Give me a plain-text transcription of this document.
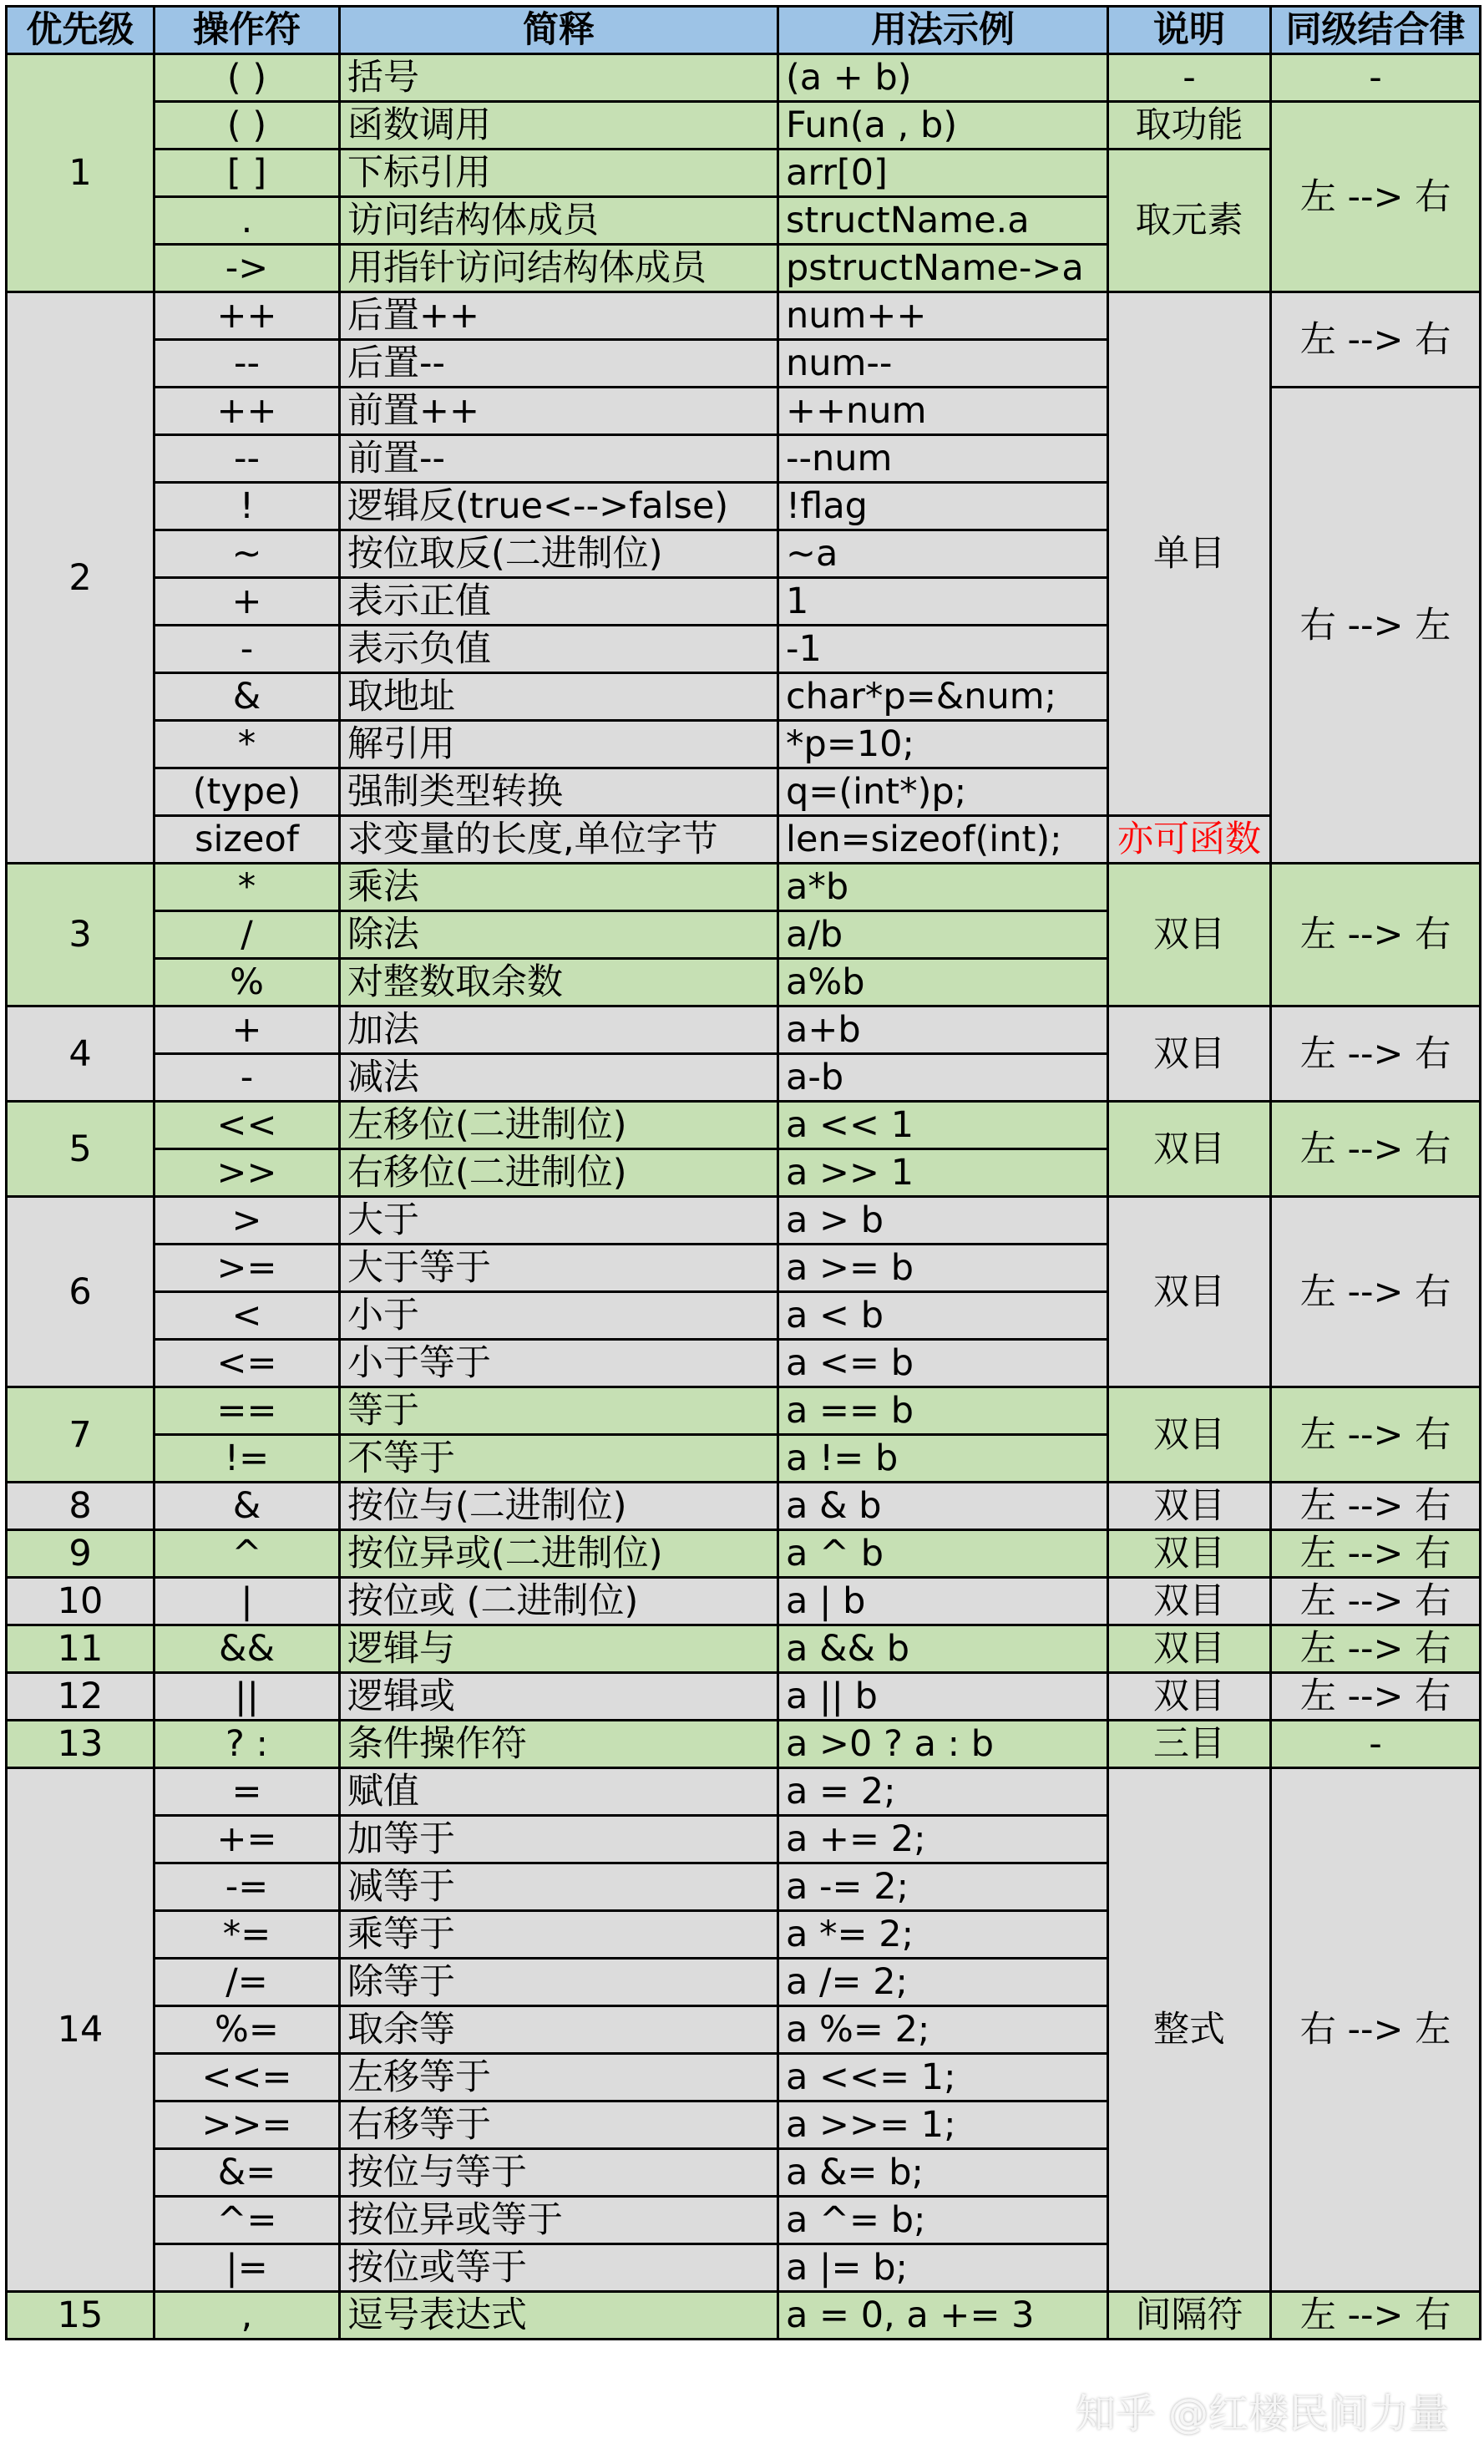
优先级	操作符	简释	用法示例	说明	同级结合律	
1	( )	括号	(a + b)	-	-	
	( )	函数调用	Fun(a , b)	取功能	左 --> 右	
	[ ]	下标引用	arr[0]	取元素		
	.	访问结构体成员	structName.a			
	->	用指针访问结构体成员	pstructName->a			
2	++	后置++	num++	单目	左 --> 右	
	--	后置--	num--			
	++	前置++	++num		右 --> 左	
	--	前置--	--num			
	!	逻辑反(true<-->false)	!flag			
	~	按位取反(二进制位)	~a			
	+	表示正值	1			
	-	表示负值	-1			
	&	取地址	char*p=&num;			
	*	解引用	*p=10;			
	(type)	强制类型转换	q=(int*)p;	
	sizeof	求变量的长度,单位字节	len=sizeof(int);	亦可函数		
3	*	乘法	a*b	双目	左 --> 右	
	/	除法	a/b			
	%	对整数取余数	a%b			
4	+	加法	a+b	双目	左 --> 右	
	-	减法	a-b			
5	<<	左移位(二进制位)	a << 1	双目	左 --> 右	
	>>	右移位(二进制位)	a >> 1			
6	>	大于	a > b	双目	左 --> 右	
	>=	大于等于	a >= b			
	<	小于	a < b			
	<=	小于等于	a <= b			
7	==	等于	a == b	双目	左 --> 右	
	!=	不等于	a != b			
8	&	按位与(二进制位)	a & b	双目	左 --> 右	
9	^	按位异或(二进制位)	a ^ b	双目	左 --> 右	
10	|	按位或 (二进制位)	a | b	双目	左 --> 右	
11	&&	逻辑与	a && b	双目	左 --> 右	
12	||	逻辑或	a || b	双目	左 --> 右	
13	? :	条件操作符	a >0 ? a : b	三目	-	
14	=	赋值	a = 2;	整式	右 --> 左	
	+=	加等于	a += 2;			
	-=	减等于	a -= 2;			
	*=	乘等于	a *= 2;			
	/=	除等于	a /= 2;			
	%=	取余等	a %= 2;			
	<<=	左移等于	a <<= 1;			
	>>=	右移等于	a >>= 1;			
	&=	按位与等于	a &= b;			
	^=	按位异或等于	a ^= b;			
	|=	按位或等于	a |= b;			
15	,	逗号表达式	a = 0, a += 3	间隔符	左 --> 右	
知乎 @红楼民间力量
